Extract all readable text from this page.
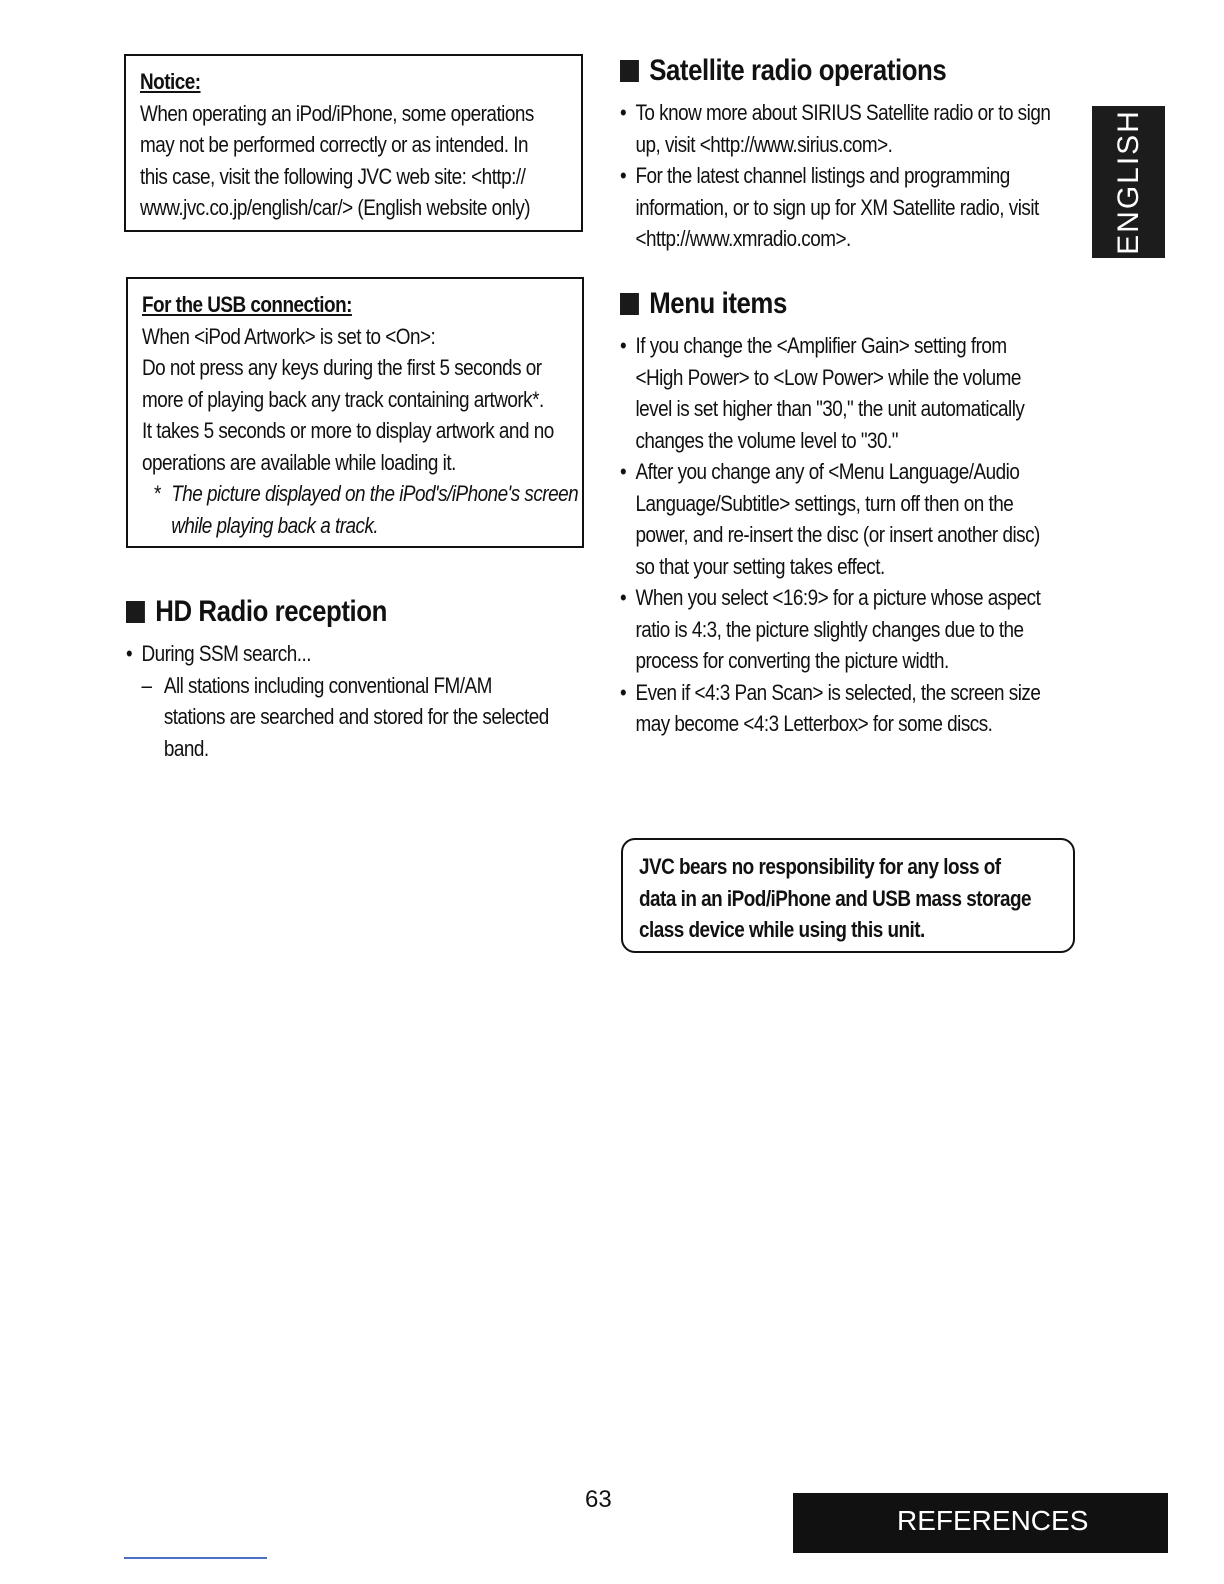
Notice:
When operating an iPod/iPhone, some operations
may not be performed correctly or as intended. In
this case, visit the following JVC web site: <http://
www.jvc.co.jp/english/car/> (English website only)
For the USB connection:
When <iPod Artwork> is set to <On>:
Do not press any keys during the first 5 seconds or
more of playing back any track containing artwork*.
It takes 5 seconds or more to display artwork and no
operations are available while loading it.
* The picture displayed on the iPod's/iPhone's screen
while playing back a track.
HD Radio reception
• During SSM search...
– All stations including conventional FM/AM
stations are searched and stored for the selected
band.
Satellite radio operations
• To know more about SIRIUS Satellite radio or to sign
up, visit <http://www.sirius.com>.
• For the latest channel listings and programming
information, or to sign up for XM Satellite radio, visit
<http://www.xmradio.com>.
Menu items
• If you change the <Amplifier Gain> setting from
<High Power> to <Low Power> while the volume
level is set higher than "30," the unit automatically
changes the volume level to "30."
• After you change any of <Menu Language/Audio
Language/Subtitle> settings, turn off then on the
power, and re-insert the disc (or insert another disc)
so that your setting takes effect.
• When you select <16:9> for a picture whose aspect
ratio is 4:3, the picture slightly changes due to the
process for converting the picture width.
• Even if <4:3 Pan Scan> is selected, the screen size
may become <4:3 Letterbox> for some discs.
JVC bears no responsibility for any loss of
data in an iPod/iPhone and USB mass storage
class device while using this unit.
ENGLISH
63
REFERENCES
